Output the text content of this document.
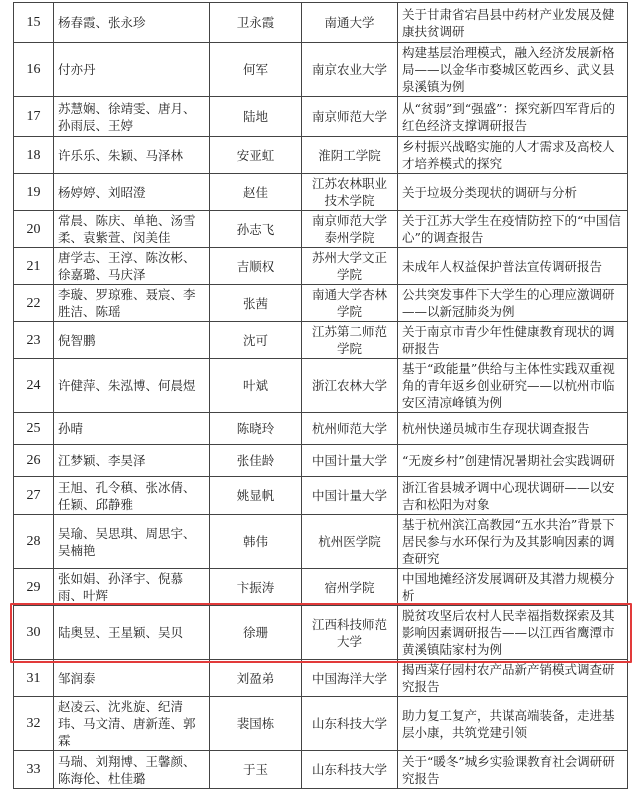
15	杨春霞、张永珍	卫永霞	南通大学	关于甘肃省宕昌县中药材产业发展及健康扶贫调研
16	付亦丹	何军	南京农业大学	构建基层治理模式，融入经济发展新格局——以金华市婺城区乾西乡、武义县泉溪镇为例
17	苏慧娴、徐靖雯、唐月、孙雨辰、王婷	陆地	南京师范大学	从“贫弱”到“强盛”：探究新四军背后的红色经济支撑调研报告
18	许乐乐、朱颖、马泽林	安亚虹	淮阴工学院	乡村振兴战略实施的人才需求及高校人才培养模式的探究
19	杨婷婷、刘昭澄	赵佳	江苏农林职业技术学院	关于垃圾分类现状的调研与分析
20	常晨、陈庆、单艳、汤雪柔、袁紫萱、闵美佳	孙志飞	南京师范大学泰州学院	关于江苏大学生在疫情防控下的“中国信心”的调查报告
21	唐学志、王淳、陈汝彬、徐嘉璐、马庆泽	吉顺权	苏州大学文正学院	未成年人权益保护普法宣传调研报告
22	李璇、罗琼雅、聂宸、李胜洁、陈瑶	张茜	南通大学杏林学院	公共突发事件下大学生的心理应激调研——以新冠肺炎为例
23	倪智鹏	沈可	江苏第二师范学院	关于南京市青少年性健康教育现状的调研报告
24	许健萍、朱泓博、何晨煜	叶斌	浙江农林大学	基于“政能量”供给与主体性实践双重视角的青年返乡创业研究——以杭州市临安区清凉峰镇为例
25	孙晴	陈晓玲	杭州师范大学	杭州快递员城市生存现状调查报告
26	江梦颖、李昊泽	张佳龄	中国计量大学	“无废乡村”创建情况暑期社会实践调研
27	王旭、孔令稹、张冰倩、任颖、邱静雅	姚显帆	中国计量大学	浙江省县城矛调中心现状调研——以安吉和松阳为对象
28	吴瑜、吴思琪、周思宇、吴楠艳	韩伟	杭州医学院	基于杭州滨江高教园“五水共治”背景下居民参与水环保行为及其影响因素的调查研究
29	张如娟、孙泽宇、倪慕雨、叶辉	卞振涛	宿州学院	中国地摊经济发展调研及其潜力规模分析
30	陆奥昱、王星颖、吴贝	徐珊	江西科技师范大学	脱贫攻坚后农村人民幸福指数探索及其影响因素调研报告——以江西省鹰潭市黄溪镇陆家村为例
31	邹润泰	刘盈弟	中国海洋大学	揭西菜仔园村农产品新产销模式调查研究报告
32	赵凌云、沈兆旋、纪清玮、马文清、唐新莲、郭霖	裴国栋	山东科技大学	助力复工复产，共谋高端装备，走进基层小康，共筑党建引领
33	马瑞、刘翔博、王馨颜、陈海伦、杜佳璐	于玉	山东科技大学	关于“暖冬”城乡实验课教育社会调研研究报告
